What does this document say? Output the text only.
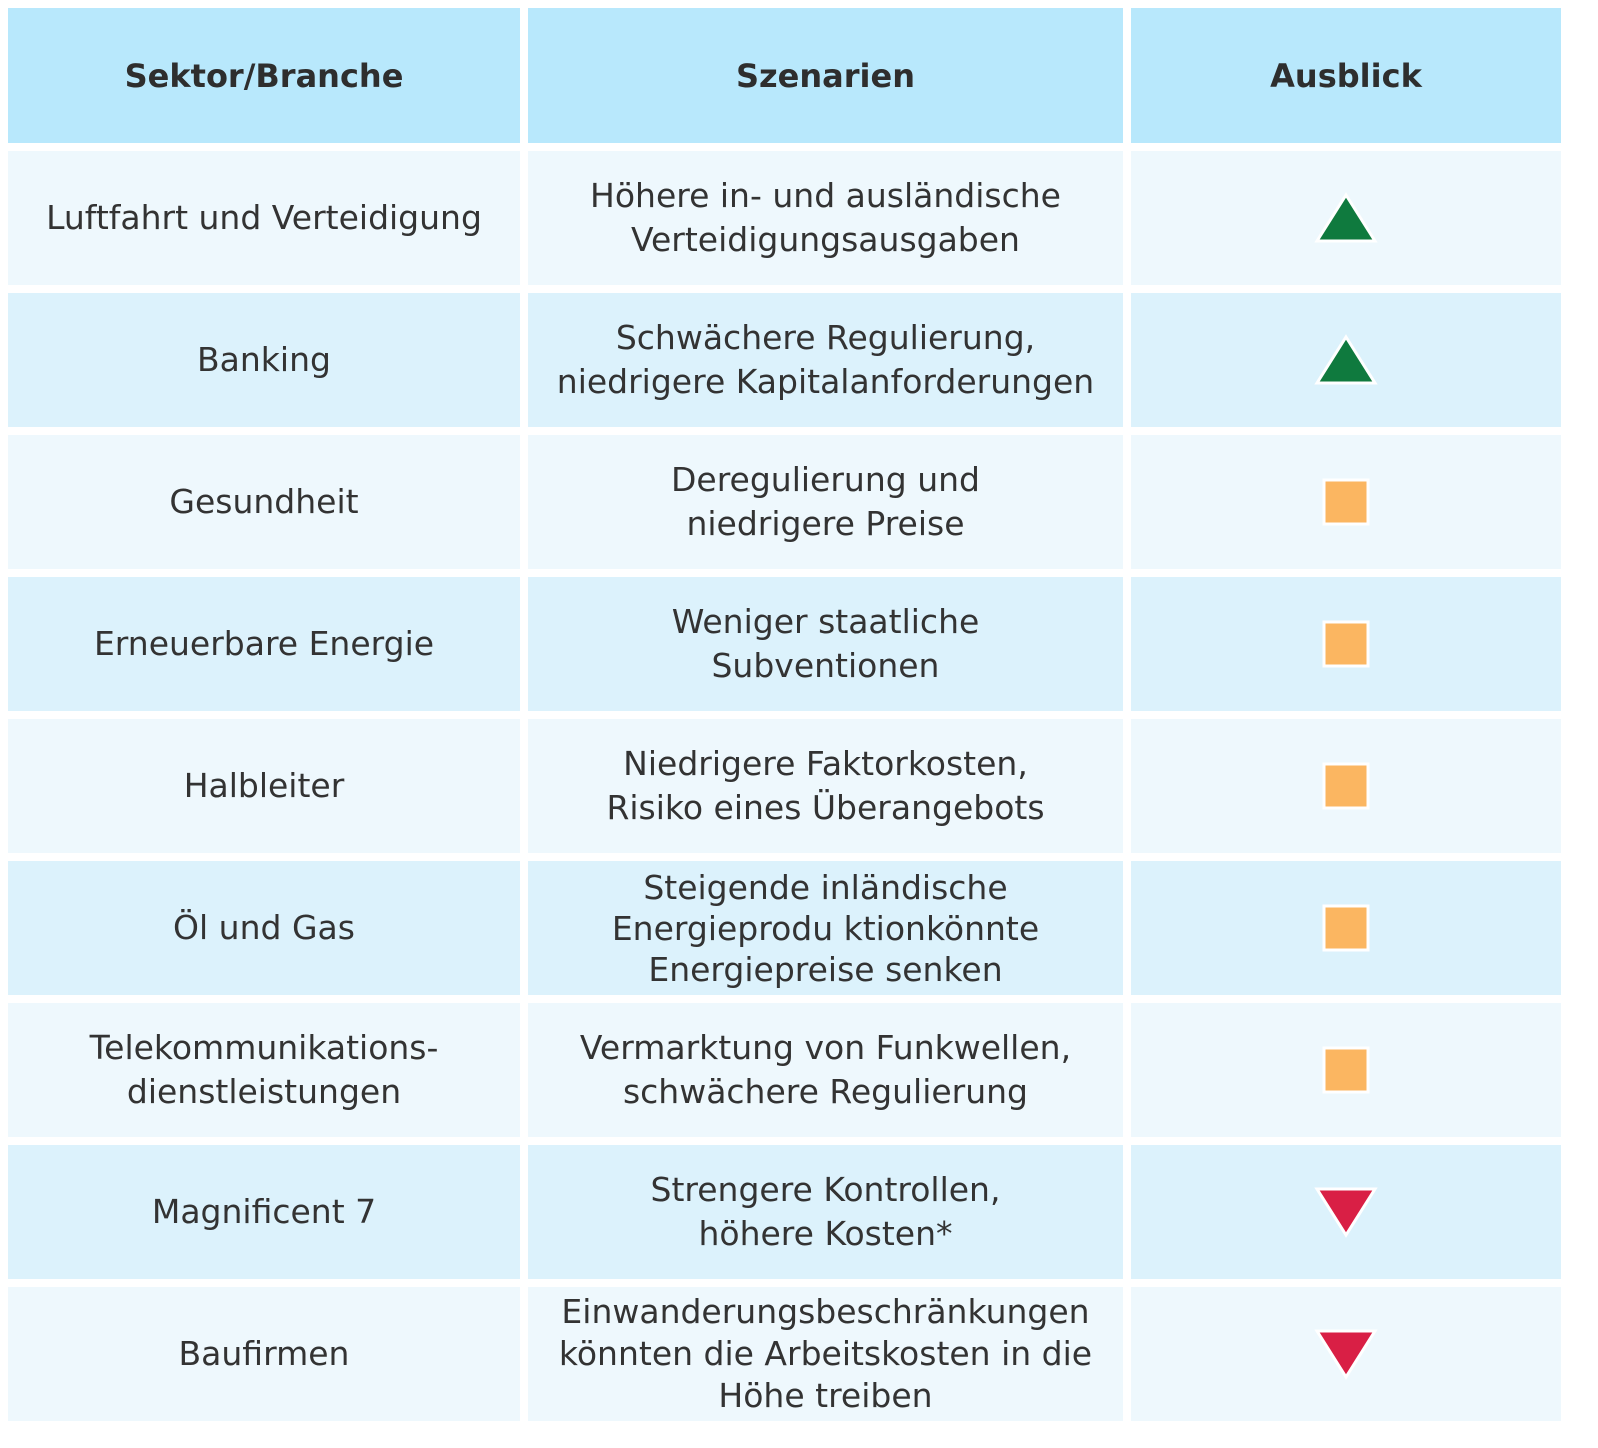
Sektor/Branche	Szenarien	Ausblick
Luftfahrt und Verteidigung
Höhere in- und ausländische
Verteidigungsausgaben
Banking
Schwächere Regulierung,
niedrigere Kapitalanforderungen
Gesundheit
Deregulierung und
niedrigere Preise
Erneuerbare Energie
Weniger staatliche
Subventionen
Halbleiter
Niedrigere Faktorkosten,
Risiko eines Überangebots
Öl und Gas
Steigende inländische
Energieprodu ktionkönnte
Energiepreise senken
Telekommunikations-
dienstleistungen
Vermarktung von Funkwellen,
schwächere Regulierung
Magnificent 7
Strengere Kontrollen,
höhere Kosten*
Baufirmen
Einwanderungsbeschränkungen
könnten die Arbeitskosten in die
Höhe treiben
